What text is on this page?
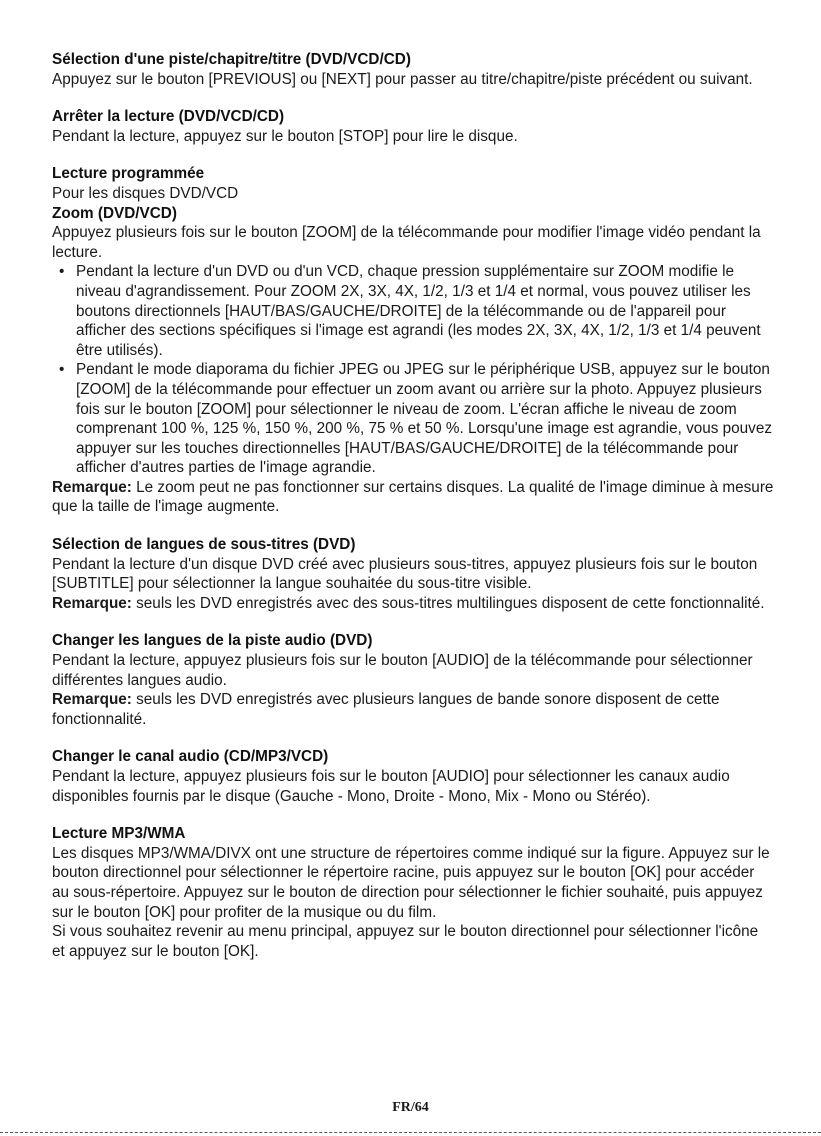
Sélection d'une piste/chapitre/titre (DVD/VCD/CD)

Appuyez sur le bouton [PREVIOUS] ou [NEXT] pour passer au titre/chapitre/piste précédent ou suivant.

Arrêter la lecture (DVD/VCD/CD)

Pendant la lecture, appuyez sur le bouton [STOP] pour lire le disque.

Lecture programmée

Pour les disques DVD/VCD

Zoom (DVD/VCD)

Appuyez plusieurs fois sur le bouton [ZOOM] de la télécommande pour modifier l'image vidéo pendant la lecture.

• Pendant la lecture d'un DVD ou d'un VCD, chaque pression supplémentaire sur ZOOM modifie le niveau d'agrandissement. Pour ZOOM 2X, 3X, 4X, 1/2, 1/3 et 1/4 et normal, vous pouvez utiliser les boutons directionnels [HAUT/BAS/GAUCHE/DROITE] de la télécommande ou de l'appareil pour afficher des sections spécifiques si l'image est agrandi (les modes 2X, 3X, 4X, 1/2, 1/3 et 1/4 peuvent être utilisés).
• Pendant le mode diaporama du fichier JPEG ou JPEG sur le périphérique USB, appuyez sur le bouton [ZOOM] de la télécommande pour effectuer un zoom avant ou arrière sur la photo. Appuyez plusieurs fois sur le bouton [ZOOM] pour sélectionner le niveau de zoom. L'écran affiche le niveau de zoom comprenant 100 %, 125 %, 150 %, 200 %, 75 % et 50 %. Lorsqu'une image est agrandie, vous pouvez appuyer sur les touches directionnelles [HAUT/BAS/GAUCHE/DROITE] de la télécommande pour afficher d'autres parties de l'image agrandie.

Remarque: Le zoom peut ne pas fonctionner sur certains disques. La qualité de l'image diminue à mesure que la taille de l'image augmente.

Sélection de langues de sous-titres (DVD)

Pendant la lecture d'un disque DVD créé avec plusieurs sous-titres, appuyez plusieurs fois sur le bouton [SUBTITLE] pour sélectionner la langue souhaitée du sous-titre visible.

Remarque: seuls les DVD enregistrés avec des sous-titres multilingues disposent de cette fonctionnalité.

Changer les langues de la piste audio (DVD)

Pendant la lecture, appuyez plusieurs fois sur le bouton [AUDIO] de la télécommande pour sélectionner différentes langues audio.

Remarque: seuls les DVD enregistrés avec plusieurs langues de bande sonore disposent de cette fonctionnalité.

Changer le canal audio (CD/MP3/VCD)

Pendant la lecture, appuyez plusieurs fois sur le bouton [AUDIO] pour sélectionner les canaux audio disponibles fournis par le disque (Gauche - Mono, Droite - Mono, Mix - Mono ou Stéréo).

Lecture MP3/WMA

Les disques MP3/WMA/DIVX ont une structure de répertoires comme indiqué sur la figure. Appuyez sur le bouton directionnel pour sélectionner le répertoire racine, puis appuyez sur le bouton [OK] pour accéder au sous-répertoire. Appuyez sur le bouton de direction pour sélectionner le fichier souhaité, puis appuyez sur le bouton [OK] pour profiter de la musique ou du film.

Si vous souhaitez revenir au menu principal, appuyez sur le bouton directionnel pour sélectionner l'icône et appuyez sur le bouton [OK].

FR/64
